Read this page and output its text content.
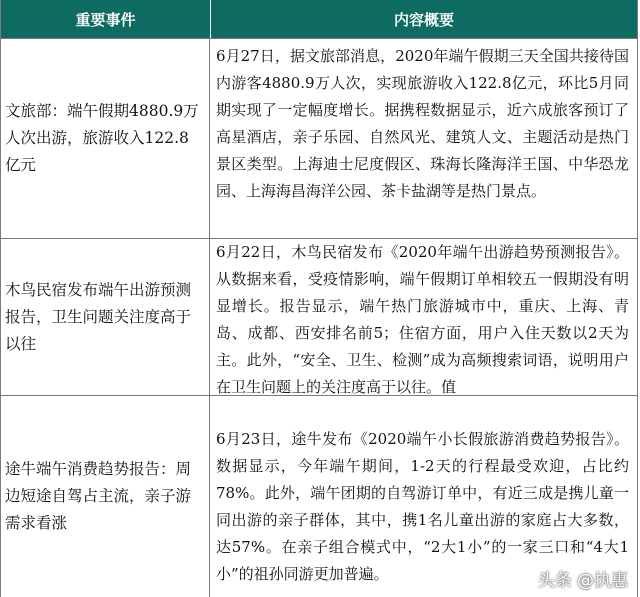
重要事件	内容概要
文旅部：端午假期4880.9万人次出游，旅游收入122.8亿元
6月27日，据文旅部消息，2020年端午假期三天全国共接待国内游客4880.9万人次，实现旅游收入122.8亿元，环比5月同期实现了一定幅度增长。据携程数据显示，近六成旅客预订了高星酒店，亲子乐园、自然风光、建筑人文、主题活动是热门景区类型。上海迪士尼度假区、珠海长隆海洋王国、中华恐龙园、上海海昌海洋公园、茶卡盐湖等是热门景点。
木鸟民宿发布端午出游预测报告，卫生问题关注度高于以往
6月22日，木鸟民宿发布《2020年端午出游趋势预测报告》。从数据来看，受疫情影响，端午假期订单相较五一假期没有明显增长。报告显示，端午热门旅游城市中，重庆、上海、青岛、成都、西安排名前5；住宿方面，用户入住天数以2天为主。此外，“安全、卫生、检测”成为高频搜索词语，说明用户在卫生问题上的关注度高于以往。值
途牛端午消费趋势报告：周边短途自驾占主流，亲子游需求看涨
6月23日，途牛发布《2020端午小长假旅游消费趋势报告》。数据显示，今年端午期间，1-2天的行程最受欢迎，占比约78%。此外，端午团期的自驾游订单中，有近三成是携儿童一同出游的亲子群体，其中，携1名儿童出游的家庭占大多数，达57%。在亲子组合模式中，“2大1小”的一家三口和“4大1小”的祖孙同游更加普遍。	头条 @执惠
